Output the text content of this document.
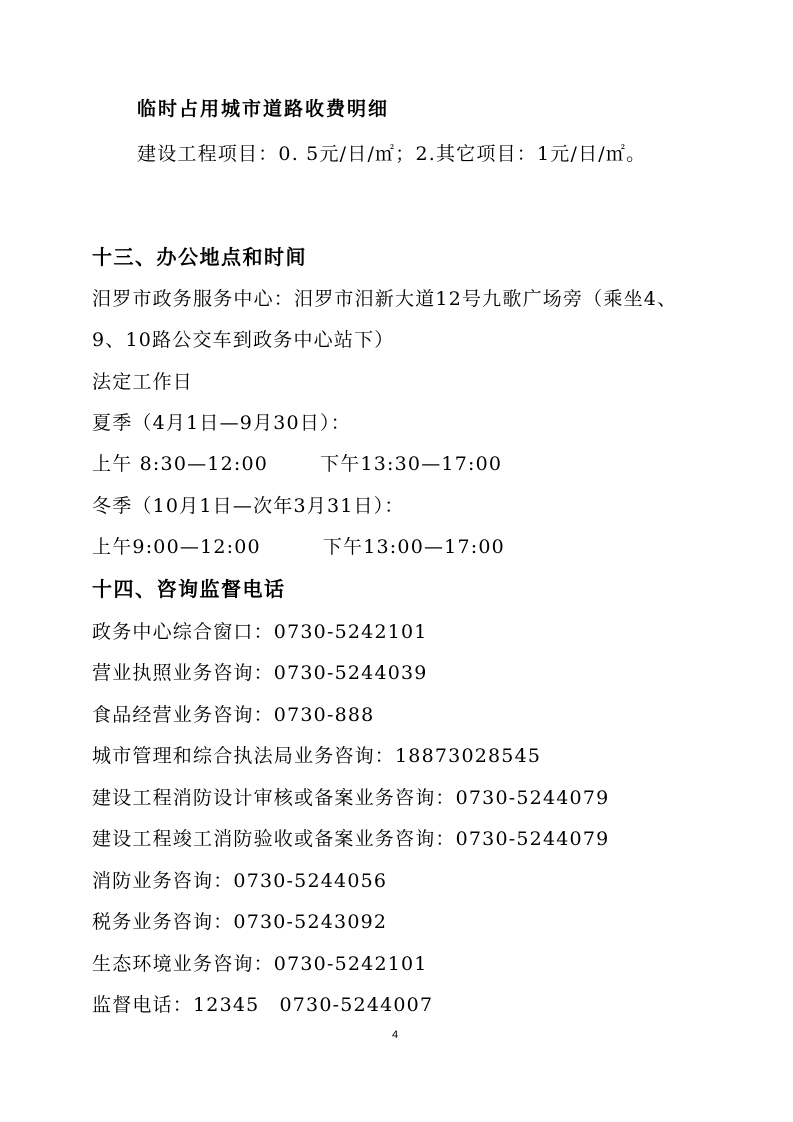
临时占用城市道路收费明细
建设工程项目：0. 5元/日/㎡；2.其它项目：1元/日/㎡。
十三、办公地点和时间
汨罗市政务服务中心：汨罗市汨新大道12号九歌广场旁（乘坐4、
9、10路公交车到政务中心站下）
法定工作日
夏季（4月1日—9月30日）：
上午 8:30—12:00	下午13:30—17:00
冬季（10月1日—次年3月31日）：
上午9:00—12:00	下午13:00—17:00
十四、咨询监督电话
政务中心综合窗口：0730-5242101
营业执照业务咨询：0730-5244039
食品经营业务咨询：0730-888
城市管理和综合执法局业务咨询：18873028545
建设工程消防设计审核或备案业务咨询：0730-5244079
建设工程竣工消防验收或备案业务咨询：0730-5244079
消防业务咨询：0730-5244056
税务业务咨询：0730-5243092
生态环境业务咨询：0730-5242101
监督电话：12345 0730-5244007
4
